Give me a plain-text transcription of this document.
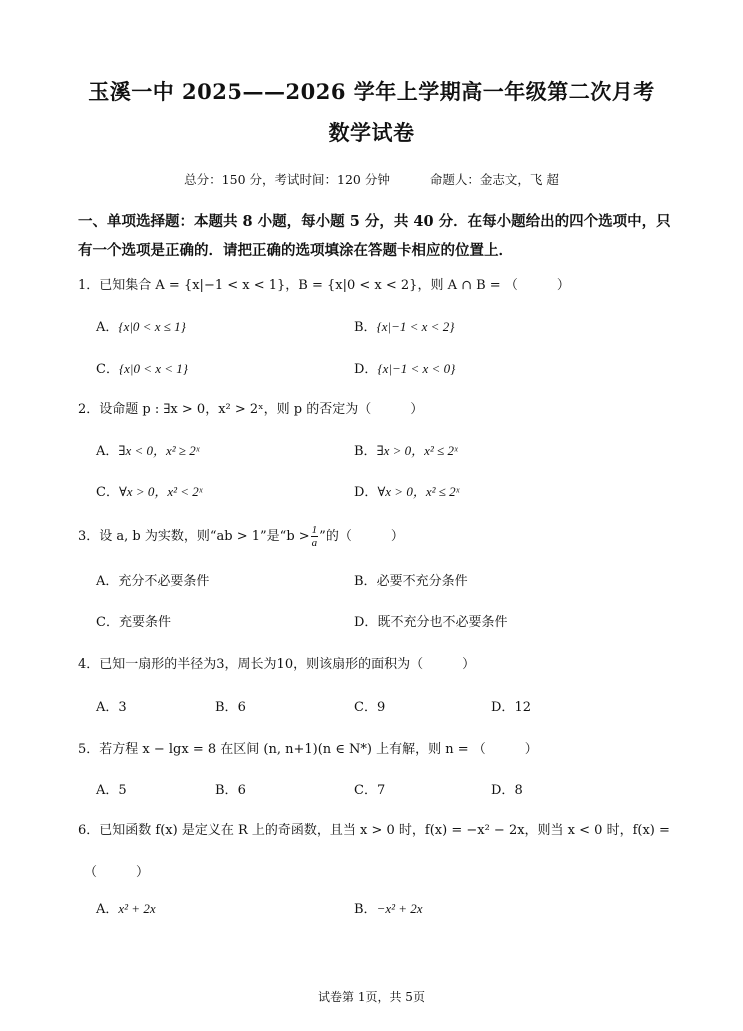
玉溪一中 2025——2026 学年上学期高一年级第二次月考
数学试卷
总分：150 分，考试时间：120 分钟	命题人：金志文，飞 超
一、单项选择题：本题共 8 小题，每小题 5 分，共 40 分．在每小题给出的四个选项中，只有一个选项是正确的．请把正确的选项填涂在答题卡相应的位置上．
1．已知集合 A = {x|−1 < x < 1}，B = {x|0 < x < 2}，则 A ∩ B = （　　　）
A．{x|0 < x ≤ 1}	B．{x|−1 < x < 2}
C．{x|0 < x < 1}	D．{x|−1 < x < 0}
2．设命题 p : ∃x > 0，x² > 2ˣ，则 p 的否定为（　　　）
A．∃x < 0，x² ≥ 2ˣ	B．∃x > 0，x² ≤ 2ˣ
C．∀x > 0，x² < 2ˣ	D．∀x > 0，x² ≤ 2ˣ
3．设 a, b 为实数，则“ab > 1”是“$b > \frac{1}{a}$ ”的（　　　）
A．充分不必要条件	B．必要不充分条件
C．充要条件	D．既不充分也不必要条件
4．已知一扇形的半径为3，周长为10，则该扇形的面积为（　　　）
A．3	B．6	C．9	D．12
5．若方程 x − lgx = 8 在区间 (n, n+1)(n ∈ N*) 上有解，则 n = （　　　）
A．5	B．6	C．7	D．8
6．已知函数 f(x) 是定义在 R 上的奇函数，且当 x > 0 时，f(x) = −x² − 2x，则当 x < 0 时，f(x) =
（　　　）
A．x² + 2x	B．−x² + 2x
试卷第 1页，共 5页
